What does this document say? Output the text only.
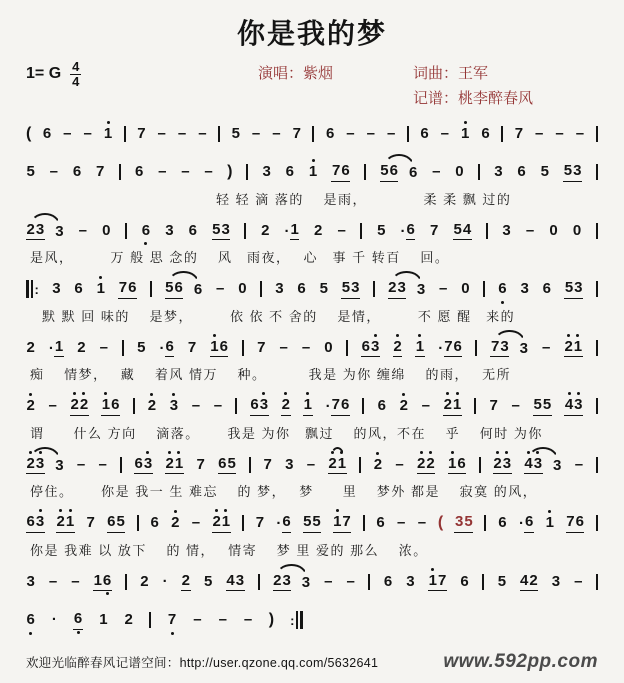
你是我的梦
1= G $\frac{4}{4}$	演唱：紫烟	词曲：王军
记谱：桃李醉春风
( 6 – – 1 7 – – – 5 – – 7 6 – – – 6 – 1 6 7 – – –
5 – 6 7 6 – – – ) 3 6 1 7 6 5 6 6 – 0 3 6 5 5 3
轻 轻 滴 落的　 是雨，　　　　 柔 柔 飘 过的
2 3 3 – 0 6 3 6 5 3 2 · 1 2 – 5 · 6 7 5 4 3 – 0 0
是风，　　　万 般 思 念的　 风　雨夜，　 心　事 千 转百　 回。
: 3 6 1 7 6 5 6 6 – 0 3 6 5 5 3 2 3 3 – 0 6 3 6 5 3
默 默 回 味的　 是梦，　　　依 依 不 舍的　 是情，　　　不 愿 醒　来的
2 · 1 2 – 5 · 6 7 1 6 7 – – 0 6 3 2 1 · 7 6 7 3 3 – 2 1
痴　 情梦，　 藏　 着风 情万　 种。　　　 我是 为你 缠绵　 的雨，　 无所
2 – 2 2 1 6 2 3 – – 6 3 2 1 · 7 6 6 2 – 2 1 7 – 5 5 4 3
谓　　什么 方向　 滴落。　　 我是 为你　飘过　 的风，不在　 乎　 何时 为你
2 3 3 – – 6 3 2 1 7 6 5 7 3 – 2 1 2 – 2 2 1 6 2 3 4 3 3 –
停住。　　 你是 我一 生 难忘　 的 梦，　 梦　　里　 梦外 都是　 寂寞 的风，
6 3 2 1 7 6 5 6 2 – 2 1 7 · 6 5 5 1 7 6 – – ( 3 5 6 · 6 1 7 6
你是 我难 以 放下　 的 情，　 情寄　 梦 里 爱的 那么　 浓。
3 – – 1 6 2 · 2 5 4 3 2 3 3 – – 6 3 1 7 6 5 4 2 3 –
6 · 6 1 2 7 – – – ) :
欢迎光临醉春风记谱空间：http://user.qzone.qq.com/5632641	www.592pp.com
